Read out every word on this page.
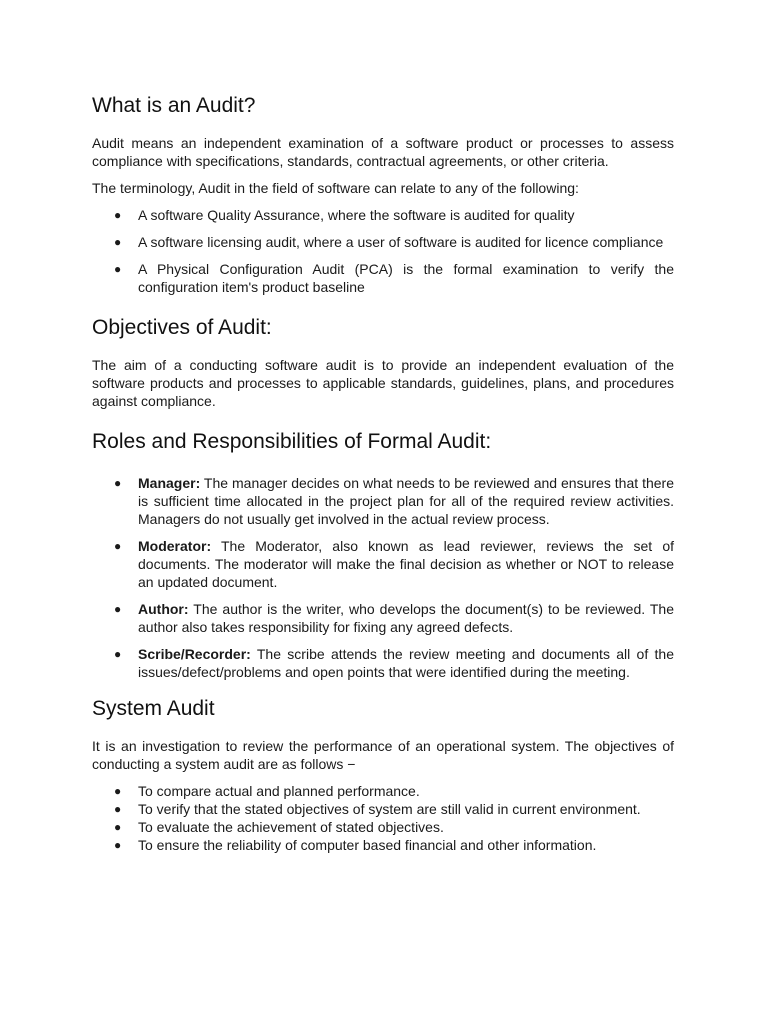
What is an Audit?

Audit means an independent examination of a software product or processes to assess compliance with specifications, standards, contractual agreements, or other criteria.

The terminology, Audit in the field of software can relate to any of the following:

● A software Quality Assurance, where the software is audited for quality
● A software licensing audit, where a user of software is audited for licence compliance
● A Physical Configuration Audit (PCA) is the formal examination to verify the configuration item's product baseline
Objectives of Audit:

The aim of a conducting software audit is to provide an independent evaluation of the software products and processes to applicable standards, guidelines, plans, and procedures against compliance.

Roles and Responsibilities of Formal Audit:
● Manager: The manager decides on what needs to be reviewed and ensures that there is sufficient time allocated in the project plan for all of the required review activities. Managers do not usually get involved in the actual review process.
● Moderator: The Moderator, also known as lead reviewer, reviews the set of documents. The moderator will make the final decision as whether or NOT to release an updated document.
● Author: The author is the writer, who develops the document(s) to be reviewed. The author also takes responsibility for fixing any agreed defects.
● Scribe/Recorder: The scribe attends the review meeting and documents all of the issues/defect/problems and open points that were identified during the meeting.
System Audit

It is an investigation to review the performance of an operational system. The objectives of conducting a system audit are as follows −

● To compare actual and planned performance.
● To verify that the stated objectives of system are still valid in current environment.
● To evaluate the achievement of stated objectives.
● To ensure the reliability of computer based financial and other information.
